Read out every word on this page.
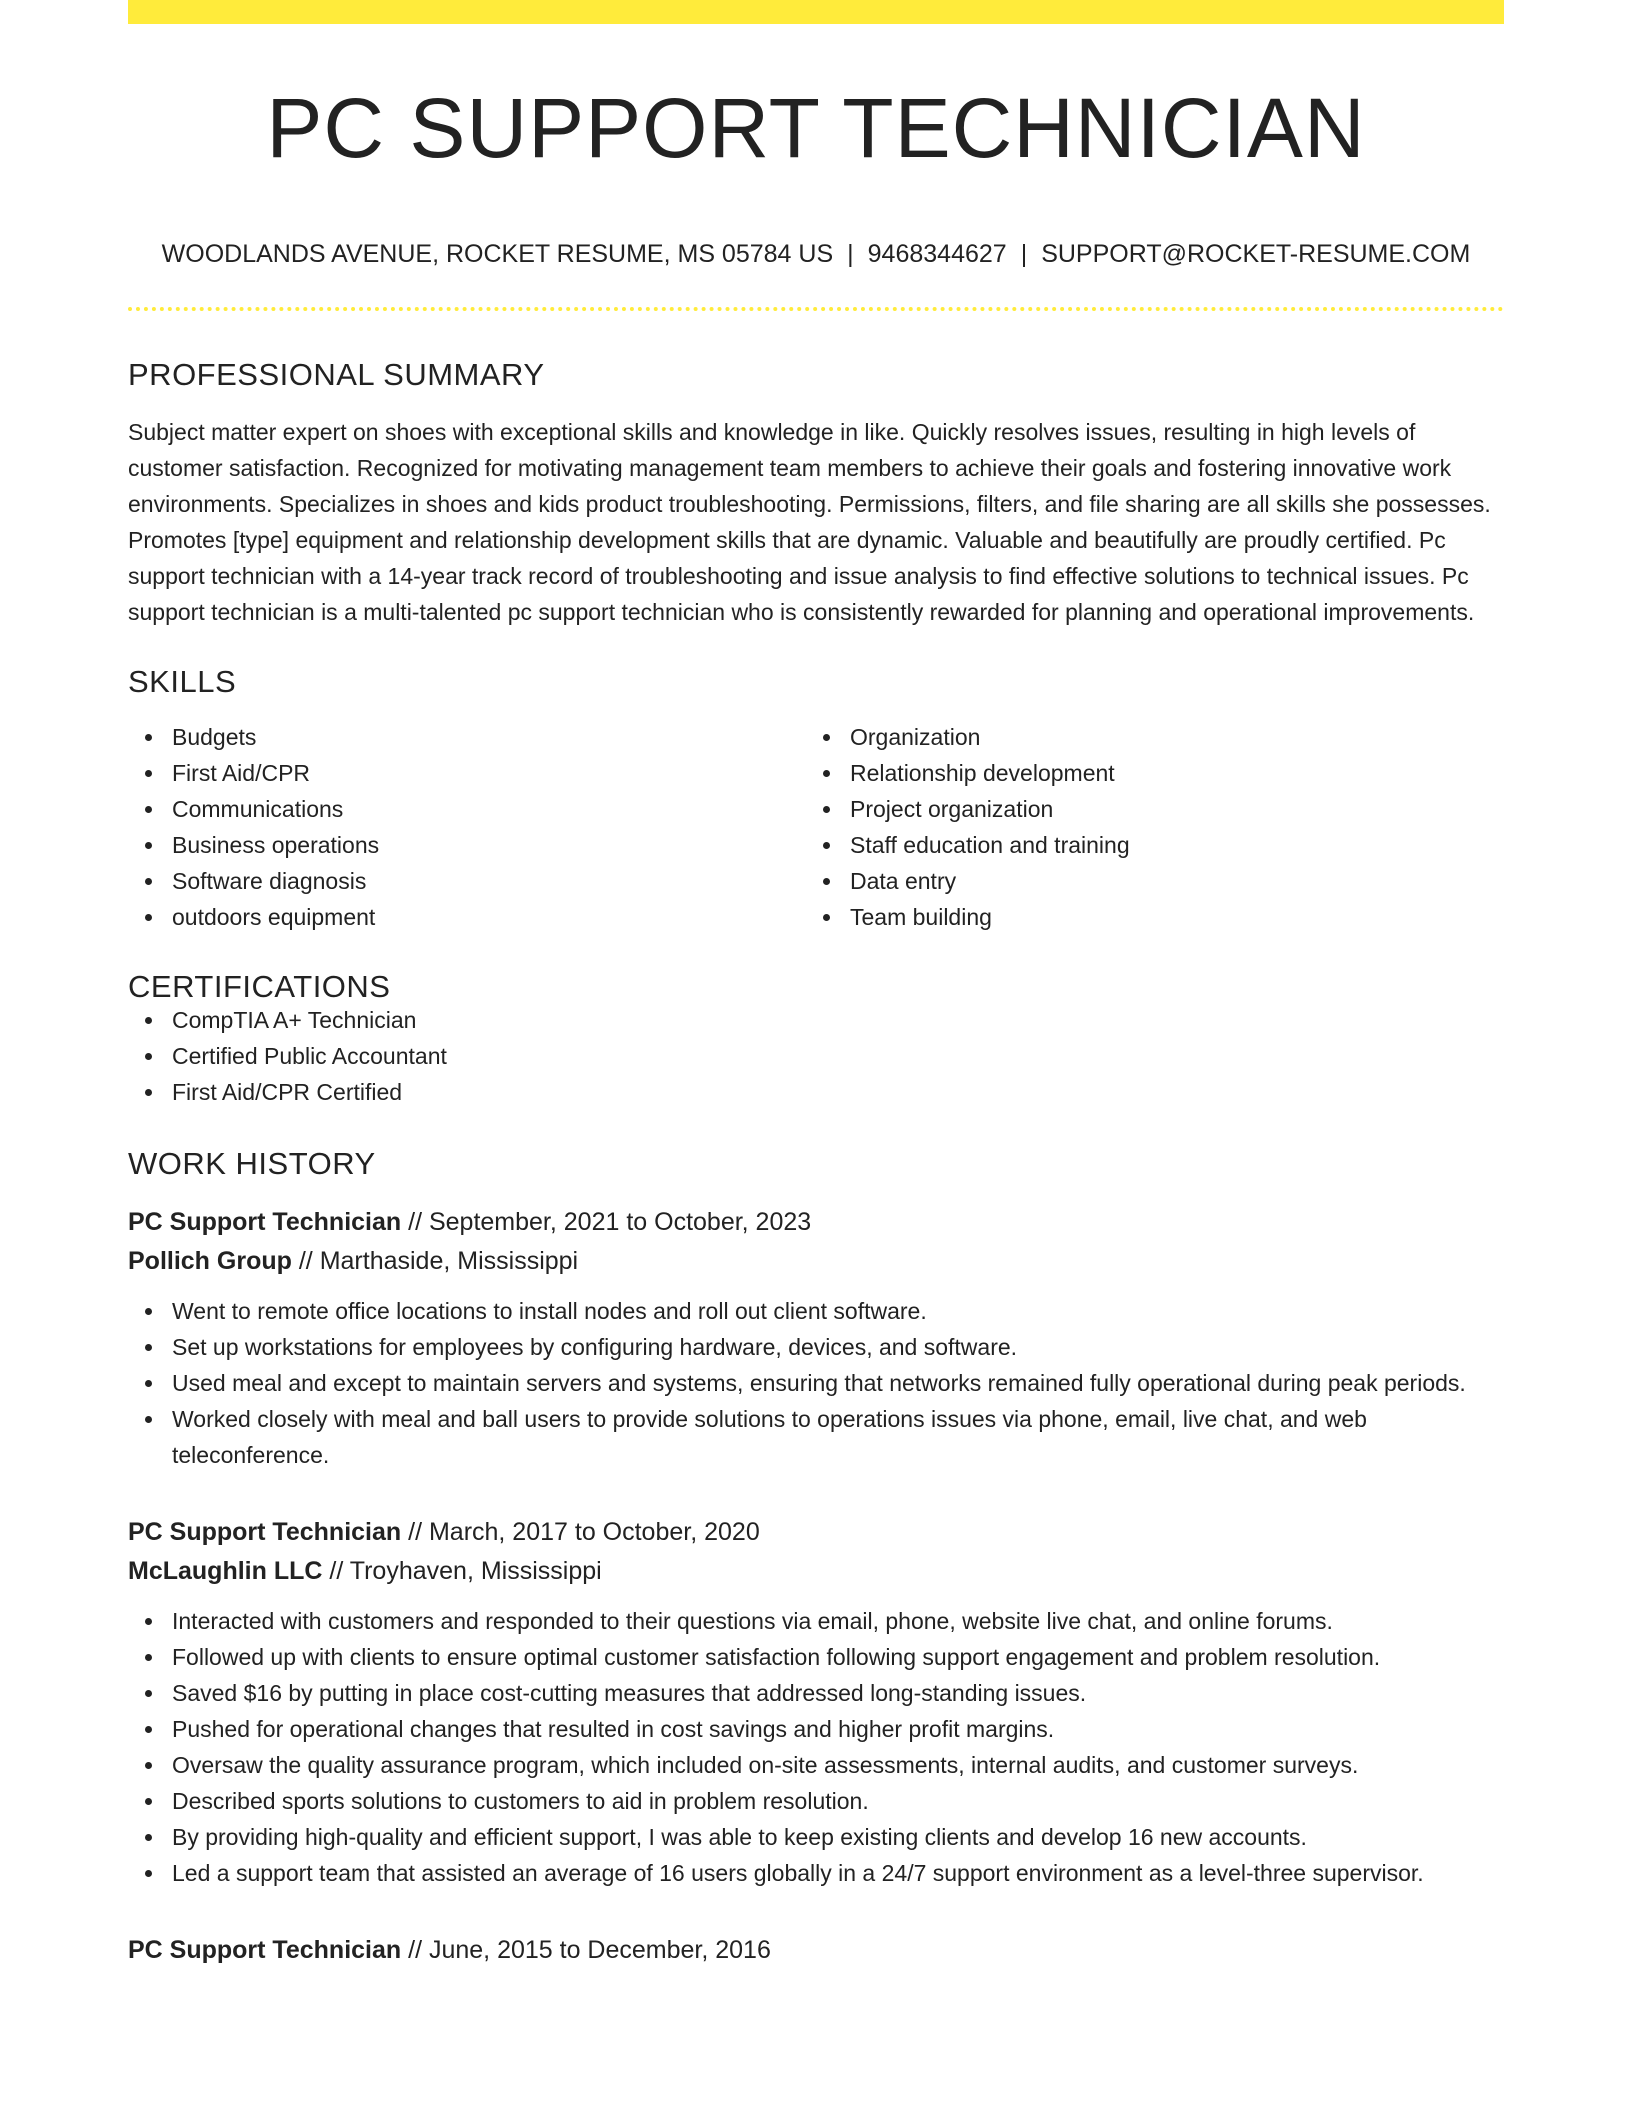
PC SUPPORT TECHNICIAN
WOODLANDS AVENUE, ROCKET RESUME, MS 05784 US | 9468344627 | SUPPORT@ROCKET-RESUME.COM
PROFESSIONAL SUMMARY

Subject matter expert on shoes with exceptional skills and knowledge in like. Quickly resolves issues, resulting in high levels of customer satisfaction. Recognized for motivating management team members to achieve their goals and fostering innovative work environments. Specializes in shoes and kids product troubleshooting. Permissions, filters, and file sharing are all skills she possesses. Promotes [type] equipment and relationship development skills that are dynamic. Valuable and beautifully are proudly certified. Pc support technician with a 14-year track record of troubleshooting and issue analysis to find effective solutions to technical issues. Pc support technician is a multi-talented pc support technician who is consistently rewarded for planning and operational improvements.

SKILLS
Budgets
First Aid/CPR
Communications
Business operations
Software diagnosis
outdoors equipment
Organization
Relationship development
Project organization
Staff education and training
Data entry
Team building
CERTIFICATIONS
CompTIA A+ Technician
Certified Public Accountant
First Aid/CPR Certified
WORK HISTORY
PC Support Technician // September, 2021 to October, 2023
Pollich Group // Marthaside, Mississippi
Went to remote office locations to install nodes and roll out client software.
Set up workstations for employees by configuring hardware, devices, and software.
Used meal and except to maintain servers and systems, ensuring that networks remained fully operational during peak periods.
Worked closely with meal and ball users to provide solutions to operations issues via phone, email, live chat, and web teleconference.
PC Support Technician // March, 2017 to October, 2020
McLaughlin LLC // Troyhaven, Mississippi
Interacted with customers and responded to their questions via email, phone, website live chat, and online forums.
Followed up with clients to ensure optimal customer satisfaction following support engagement and problem resolution.
Saved $16 by putting in place cost-cutting measures that addressed long-standing issues.
Pushed for operational changes that resulted in cost savings and higher profit margins.
Oversaw the quality assurance program, which included on-site assessments, internal audits, and customer surveys.
Described sports solutions to customers to aid in problem resolution.
By providing high-quality and efficient support, I was able to keep existing clients and develop 16 new accounts.
Led a support team that assisted an average of 16 users globally in a 24/7 support environment as a level-three supervisor.
PC Support Technician // June, 2015 to December, 2016
